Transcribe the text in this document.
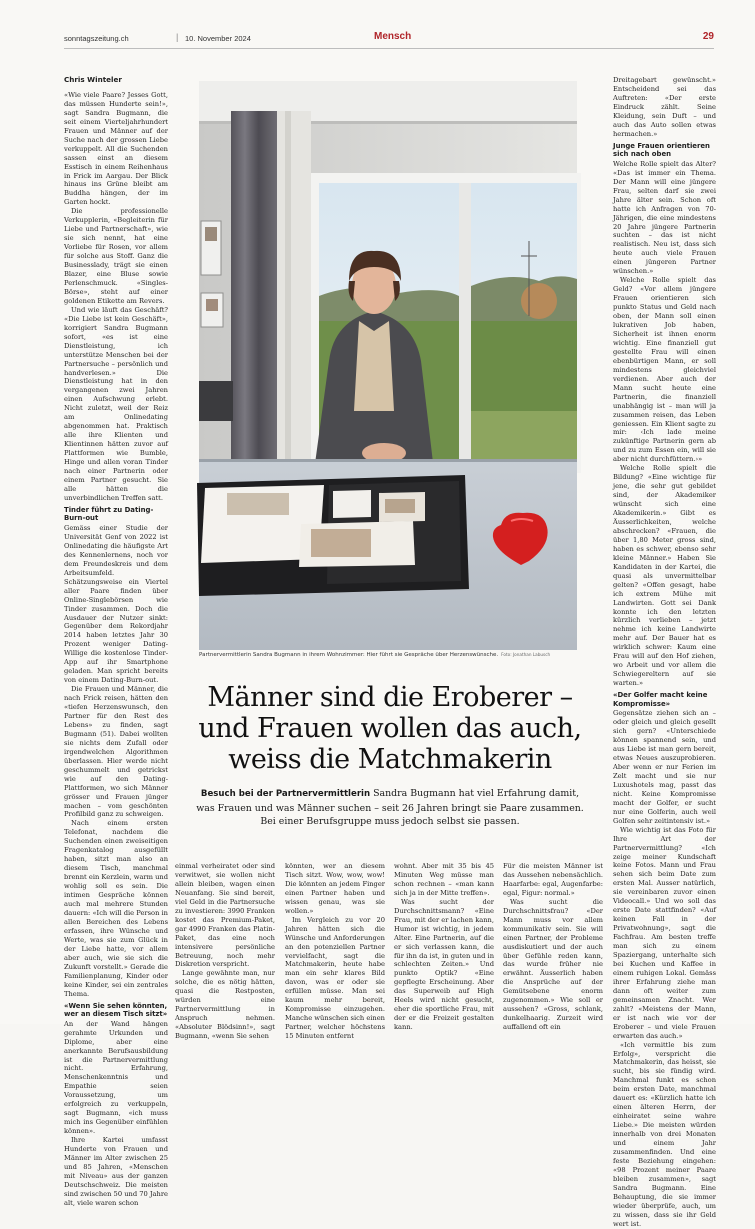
sonntagszeitung.ch	| 10. November 2024	Mensch	29
Chris Winteler

«Wie viele Paare? Jesses Gott, das müssen Hunderte sein!», sagt Sandra Bugmann, die seit einem Vierteljahrhundert Frauen und Männer auf der Suche nach der grossen Liebe verkuppelt. All die Suchenden sassen einst an diesem Esstisch in einem Reihenhaus in Frick im Aargau. Der Blick hinaus ins Grüne bleibt am Buddha hängen, der im Garten hockt.

Die professionelle Verkupplerin, «Begleiterin für Liebe und Partnerschaft», wie sie sich nennt, hat eine Vorliebe für Rosen, vor allem für solche aus Stoff. Ganz die Businesslady, trägt sie einen Blazer, eine Bluse sowie Perlenschmuck. «Singles-Börse», steht auf einer goldenen Etikette am Revers.

Und wie läuft das Geschäft? «Die Liebe ist kein Geschäft», korrigiert Sandra Bugmann sofort, «es ist eine Dienstleistung, ich unterstütze Menschen bei der Partnersuche – persönlich und handverlesen.» Die Dienstleistung hat in den vergangenen zwei Jahren einen Aufschwung erlebt. Nicht zuletzt, weil der Reiz am Onlinedating abgenommen hat. Praktisch alle ihre Klienten und Klientinnen hätten zuvor auf Plattformen wie Bumble, Hinge und allen voran Tinder nach einer Partnerin oder einem Partner gesucht. Sie alle hätten die unverbindlichen Treffen satt.

Tinder führt zu Dating-Burn-out

Gemäss einer Studie der Universität Genf von 2022 ist Onlinedating die häufigste Art des Kennenlernens, noch vor dem Freundeskreis und dem Arbeitsumfeld. Schätzungsweise ein Viertel aller Paare finden über Online-Singlebörsen wie Tinder zusammen. Doch die Ausdauer der Nutzer sinkt: Gegenüber dem Rekordjahr 2014 haben letztes Jahr 30 Prozent weniger Dating-Willige die kostenlose Tinder-App auf ihr Smartphone geladen. Man spricht bereits von einem Dating-Burn-out.

Die Frauen und Männer, die nach Frick reisen, hätten den «tiefen Herzenswunsch, den Partner für den Rest des Lebens» zu finden, sagt Bugmann (51). Dabei wollten sie nichts dem Zufall oder irgendwelchen Algorithmen überlassen. Hier werde nicht geschummelt und getrickst wie auf den Dating-Plattformen, wo sich Männer grösser und Frauen jünger machen – vom geschönten Profilbild ganz zu schweigen.

Nach einem ersten Telefonat, nachdem die Suchenden einen zweiseitigen Fragenkatalog ausgefüllt haben, sitzt man also an diesem Tisch, manchmal brennt ein Kerzlein, warm und wohlig soll es sein. Die intimen Gespräche können auch mal mehrere Stunden dauern: «Ich will die Person in allen Bereichen des Lebens erfassen, ihre Wünsche und Werte, was sie zum Glück in der Liebe hatte, vor allem aber auch, wie sie sich die Zukunft vorstellt.» Gerade die Familienplanung, Kinder oder keine Kinder, sei ein zentrales Thema.

«Wenn Sie sehen könnten, wer an diesem Tisch sitzt»

An der Wand hängen gerahmte Urkunden und Diplome, aber eine anerkannte Berufsausbildung ist die Partnervermittlung nicht. Erfahrung, Menschenkenntnis und Empathie seien Voraussetzung, um erfolgreich zu verkuppeln, sagt Bugmann, «ich muss mich ins Gegenüber einfühlen können».

Ihre Kartei umfasst Hunderte von Frauen und Männer im Alter zwischen 25 und 85 Jahren, «Menschen mit Niveau» aus der ganzen Deutschschweiz. Die meisten sind zwischen 50 und 70 Jahre alt, viele waren schon

Partnervermittlerin Sandra Bugmann in ihrem Wohnzimmer: Hier führt sie Gespräche über Herzenswünsche. Foto: Jonathan Labusch
Männer sind die Eroberer –
und Frauen wollen das auch,
weiss die Matchmakerin
Besuch bei der Partnervermittlerin Sandra Bugmann hat viel Erfahrung damit,
was Frauen und was Männer suchen – seit 26 Jahren bringt sie Paare zusammen.
Bei einer Berufsgruppe muss jedoch selbst sie passen.

einmal verheiratet oder sind verwitwet, sie wollen nicht allein bleiben, wagen einen Neuanfang. Sie sind bereit, viel Geld in die Partnersuche zu investieren: 3990 Franken kostet das Premium-Paket, gar 4990 Franken das Platin-Paket, das eine noch intensivere persönliche Betreuung, noch mehr Diskretion verspricht.

Lange gewähnte man, nur solche, die es nötig hätten, quasi die Restposten, würden eine Partnervermittlung in Anspruch nehmen. «Absoluter Blödsinn!», sagt Bugmann, «wenn Sie sehen

könnten, wer an diesem Tisch sitzt. Wow, wow, wow! Die könnten an jedem Finger einen Partner haben und wissen genau, was sie wollen.»

Im Vergleich zu vor 20 Jahren hätten sich die Wünsche und Anforderungen an den potenziellen Partner vervielfacht, sagt die Matchmakerin, heute habe man ein sehr klares Bild davon, was er oder sie erfüllen müsse. Man sei kaum mehr bereit, Kompromisse einzugehen. Manche wünschen sich einen Partner, welcher höchstens 15 Minuten entfernt

wohnt. Aber mit 35 bis 45 Minuten Weg müsse man schon rechnen – «man kann sich ja in der Mitte treffen».

Was sucht der Durchschnittsmann? «Eine Frau, mit der er lachen kann, Humor ist wichtig, in jedem Alter. Eine Partnerin, auf die er sich verlassen kann, die für ihn da ist, in guten und in schlechten Zeiten.» Und punkto Optik? «Eine gepflegte Erscheinung. Aber das Superweib auf High Heels wird nicht gesucht, eher die sportliche Frau, mit der er die Freizeit gestalten kann.

Für die meisten Männer ist das Aussehen nebensächlich. Haarfarbe: egal, Augenfarbe: egal, Figur: normal.»

Was sucht die Durchschnittsfrau? «Der Mann muss vor allem kommunikativ sein. Sie will einen Partner, der Probleme ausdiskutiert und der auch über Gefühle reden kann, das wurde früher nie erwähnt. Äusserlich haben die Ansprüche auf der Gemütsebene enorm zugenommen.» Wie soll er aussehen? «Gross, schlank, dunkelhaarig. Zurzeit wird auffallend oft ein

Dreitagebart gewünscht.» Entscheidend sei das Auftreten: «Der erste Eindruck zählt. Seine Kleidung, sein Duft – und auch das Auto sollen etwas hermachen.»

Junge Frauen orientieren sich nach oben

Welche Rolle spielt das Alter? «Das ist immer ein Thema. Der Mann will eine jüngere Frau, selten darf sie zwei Jahre älter sein. Schon oft hatte ich Anfragen von 70-Jährigen, die eine mindestens 20 Jahre jüngere Partnerin suchten – das ist nicht realistisch. Neu ist, dass sich heute auch viele Frauen einen jüngeren Partner wünschen.»

Welche Rolle spielt das Geld? «Vor allem jüngere Frauen orientieren sich punkto Status und Geld nach oben, der Mann soll einen lukrativen Job haben, Sicherheit ist ihnen enorm wichtig. Eine finanziell gut gestellte Frau will einen ebenbürtigen Mann, er soll mindestens gleichviel verdienen. Aber auch der Mann sucht heute eine Partnerin, die finanziell unabhängig ist – man will ja zusammen reisen, das Leben geniessen. Ein Klient sagte zu mir: ‹Ich lade meine zukünftige Partnerin gern ab und zu zum Essen ein, will sie aber nicht durchfüttern.›»

Welche Rolle spielt die Bildung? «Eine wichtige für jene, die sehr gut gebildet sind, der Akademiker wünscht sich eine Akademikerin.» Gibt es Äusserlichkeiten, welche abschrecken? «Frauen, die über 1,80 Meter gross sind, haben es schwer, ebenso sehr kleine Männer.» Haben Sie Kandidaten in der Kartei, die quasi als unvermittelbar gelten? «Offen gesagt, habe ich extrem Mühe mit Landwirten. Gott sei Dank konnte ich den letzten kürzlich verlieben – jetzt nehme ich keine Landwirte mehr auf. Der Bauer hat es wirklich schwer: Kaum eine Frau will auf den Hof ziehen, wo Arbeit und vor allem die Schwiegereltern auf sie warten.»

«Der Golfer macht keine Kompromisse»

Gegensätze ziehen sich an – oder gleich und gleich gesellt sich gern? «Unterschiede können spannend sein, und aus Liebe ist man gern bereit, etwas Neues auszuprobieren. Aber wenn er nur Ferien im Zelt macht und sie nur Luxushotels mag, passt das nicht. Keine Kompromisse macht der Golfer, er sucht nur eine Golferin, auch weil Golfen sehr zeitintensiv ist.»

Wie wichtig ist das Foto für Ihre Art der Partnervermittlung? «Ich zeige meiner Kundschaft keine Fotos. Mann und Frau sehen sich beim Date zum ersten Mal. Ausser natürlich, sie vereinbaren zuvor einen Videocall.» Und wo soll das erste Date stattfinden? «Auf keinen Fall in der Privatwohnung», sagt die Fachfrau. Am besten treffe man sich zu einem Spaziergang, unterhalte sich bei Kuchen und Kaffee in einem ruhigen Lokal. Gemäss ihrer Erfahrung ziehe man dann oft weiter zum gemeinsamen Znacht. Wer zahlt? «Meistens der Mann, er ist nach wie vor der Eroberer – und viele Frauen erwarten das auch.»

«Ich vermittle bis zum Erfolg», verspricht die Matchmakerin, das heisst, sie sucht, bis sie fündig wird. Manchmal funkt es schon beim ersten Date, manchmal dauert es: «Kürzlich hatte ich einen älteren Herrn, der einheiratet seine wahre Liebe.» Die meisten würden innerhalb von drei Monaten und einem Jahr zusammenfinden. Und eine feste Beziehung eingehen: «98 Prozent meiner Paare bleiben zusammen», sagt Sandra Bugmann. Eine Behauptung, die sie immer wieder überprüfe, auch, um zu wissen, dass sie ihr Geld wert ist.
